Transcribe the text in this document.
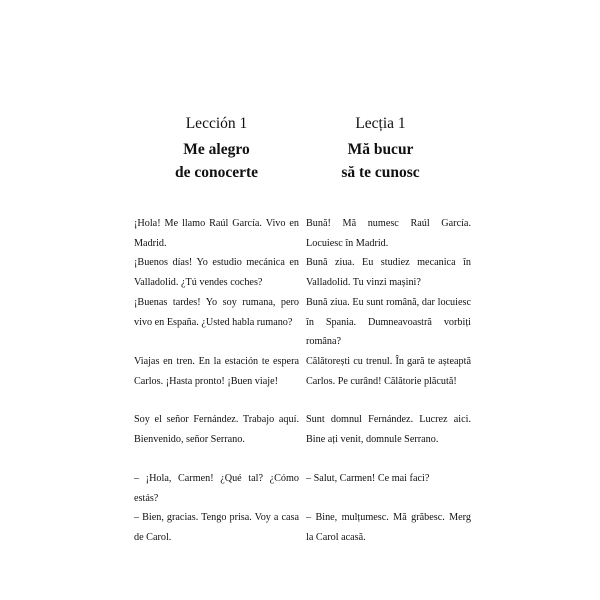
Lección 1
Me alegro
de conocerte
Lecția 1
Mă bucur
să te cunosc
¡Hola! Me llamo Raúl García. Vivo en Madrid.
¡Buenos días! Yo estudio mecánica en Valladolid. ¿Tú vendes coches?
¡Buenas tardes! Yo soy rumana, pero vivo en España. ¿Usted habla rumano?
Viajas en tren. En la estación te espera Carlos. ¡Hasta pronto! ¡Buen viaje!
Soy el señor Fernández. Trabajo aquí. Bienvenido, señor Serrano.
– ¡Hola, Carmen! ¿Qué tal? ¿Cómo estás?
– Bien, gracias. Tengo prisa. Voy a casa de Carol.
Bună! Mă numesc Raúl García. Locuiesc în Madrid.
Bună ziua. Eu studiez mecanica în Valladolid. Tu vinzi mașini?
Bună ziua. Eu sunt română, dar locuiesc în Spania. Dumneavoastră vorbiți româna?
Călătorești cu trenul. În gară te așteaptă Carlos. Pe curând! Călătorie plăcută!
Sunt domnul Fernández. Lucrez aici. Bine ați venit, domnule Serrano.
– Salut, Carmen! Ce mai faci?
– Bine, mulțumesc. Mă grăbesc. Merg la Carol acasă.
